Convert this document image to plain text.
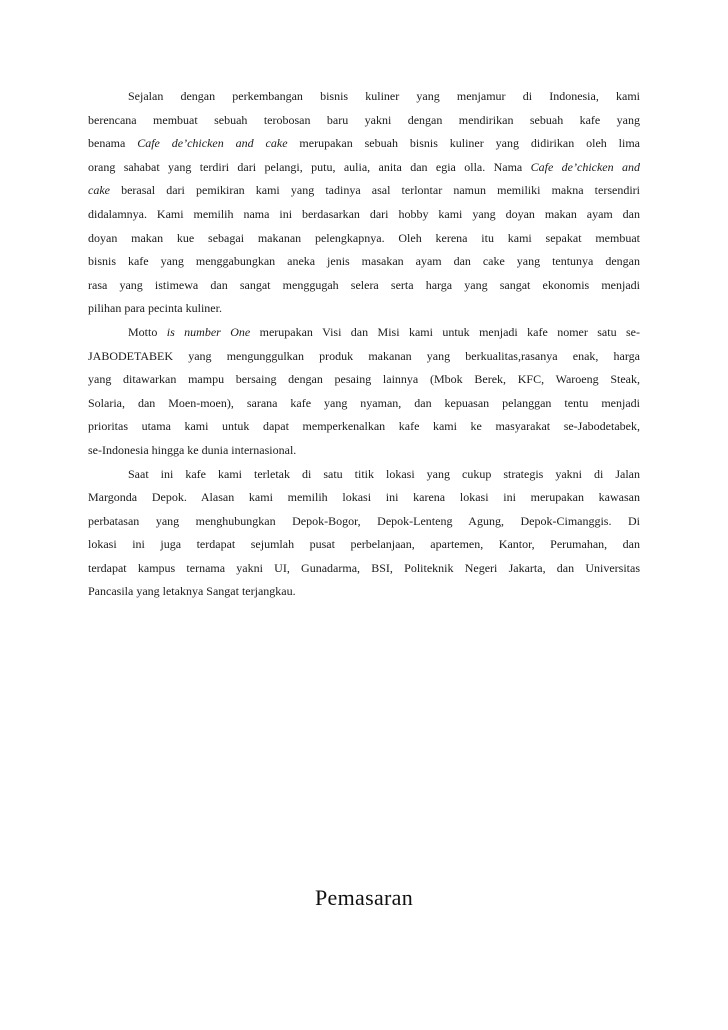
Sejalan dengan perkembangan bisnis kuliner yang menjamur di Indonesia, kami
berencana membuat sebuah terobosan baru yakni dengan mendirikan sebuah kafe yang
benama Cafe de’chicken and cake merupakan sebuah bisnis kuliner yang didirikan oleh lima
orang sahabat yang terdiri dari pelangi, putu, aulia, anita dan egia olla. Nama Cafe de’chicken and
cake berasal dari pemikiran kami yang tadinya asal terlontar namun memiliki makna tersendiri
didalamnya. Kami memilih nama ini berdasarkan dari hobby kami yang doyan makan ayam dan
doyan makan kue sebagai makanan pelengkapnya. Oleh kerena itu kami sepakat membuat
bisnis kafe yang menggabungkan aneka jenis masakan ayam dan cake yang tentunya dengan
rasa yang istimewa dan sangat menggugah selera serta harga yang sangat ekonomis menjadi
pilihan para pecinta kuliner.
Motto is number One merupakan Visi dan Misi kami untuk menjadi kafe nomer satu se-
JABODETABEK yang mengunggulkan produk makanan yang berkualitas,rasanya enak, harga
yang ditawarkan mampu bersaing dengan pesaing lainnya (Mbok Berek, KFC, Waroeng Steak,
Solaria, dan Moen-moen), sarana kafe yang nyaman, dan kepuasan pelanggan tentu menjadi
prioritas utama kami untuk dapat memperkenalkan kafe kami ke masyarakat se-Jabodetabek,
se-Indonesia hingga ke dunia internasional.
Saat ini kafe kami terletak di satu titik lokasi yang cukup strategis yakni di Jalan
Margonda Depok. Alasan kami memilih lokasi ini karena lokasi ini merupakan kawasan
perbatasan yang menghubungkan Depok-Bogor, Depok-Lenteng Agung, Depok-Cimanggis. Di
lokasi ini juga terdapat sejumlah pusat perbelanjaan, apartemen, Kantor, Perumahan, dan
terdapat kampus ternama yakni UI, Gunadarma, BSI, Politeknik Negeri Jakarta, dan Universitas
Pancasila yang letaknya Sangat terjangkau.
Pemasaran
